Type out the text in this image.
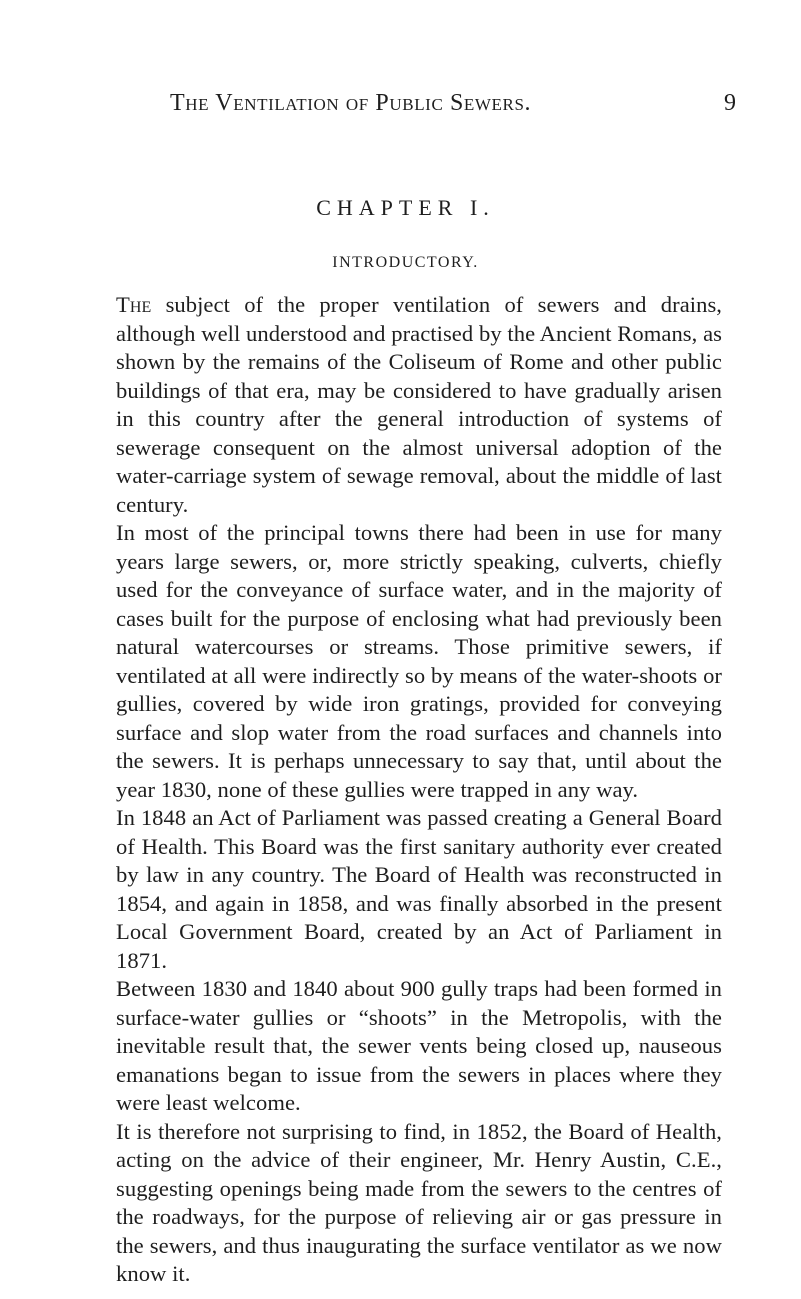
The Ventilation of Public Sewers.	9
CHAPTER I.
INTRODUCTORY.

The subject of the proper ventilation of sewers and drains, although well understood and practised by the Ancient Romans, as shown by the remains of the Coliseum of Rome and other public buildings of that era, may be considered to have gradually arisen in this country after the general introduction of systems of sewerage consequent on the almost universal adoption of the water-carriage system of sewage removal, about the middle of last century.

In most of the principal towns there had been in use for many years large sewers, or, more strictly speaking, culverts, chiefly used for the conveyance of surface water, and in the majority of cases built for the purpose of enclosing what had previously been natural watercourses or streams. Those primitive sewers, if ventilated at all were indirectly so by means of the water-shoots or gullies, covered by wide iron gratings, provided for conveying surface and slop water from the road surfaces and channels into the sewers. It is perhaps unnecessary to say that, until about the year 1830, none of these gullies were trapped in any way.

In 1848 an Act of Parliament was passed creating a General Board of Health. This Board was the first sanitary authority ever created by law in any country. The Board of Health was reconstructed in 1854, and again in 1858, and was finally absorbed in the present Local Government Board, created by an Act of Parliament in 1871.

Between 1830 and 1840 about 900 gully traps had been formed in surface-water gullies or “shoots” in the Metropolis, with the inevitable result that, the sewer vents being closed up, nauseous emanations began to issue from the sewers in places where they were least welcome.

It is therefore not surprising to find, in 1852, the Board of Health, acting on the advice of their engineer, Mr. Henry Austin, C.E., suggesting openings being made from the sewers to the centres of the roadways, for the purpose of relieving air or gas pressure in the sewers, and thus inaugurating the surface ventilator as we now know it.
